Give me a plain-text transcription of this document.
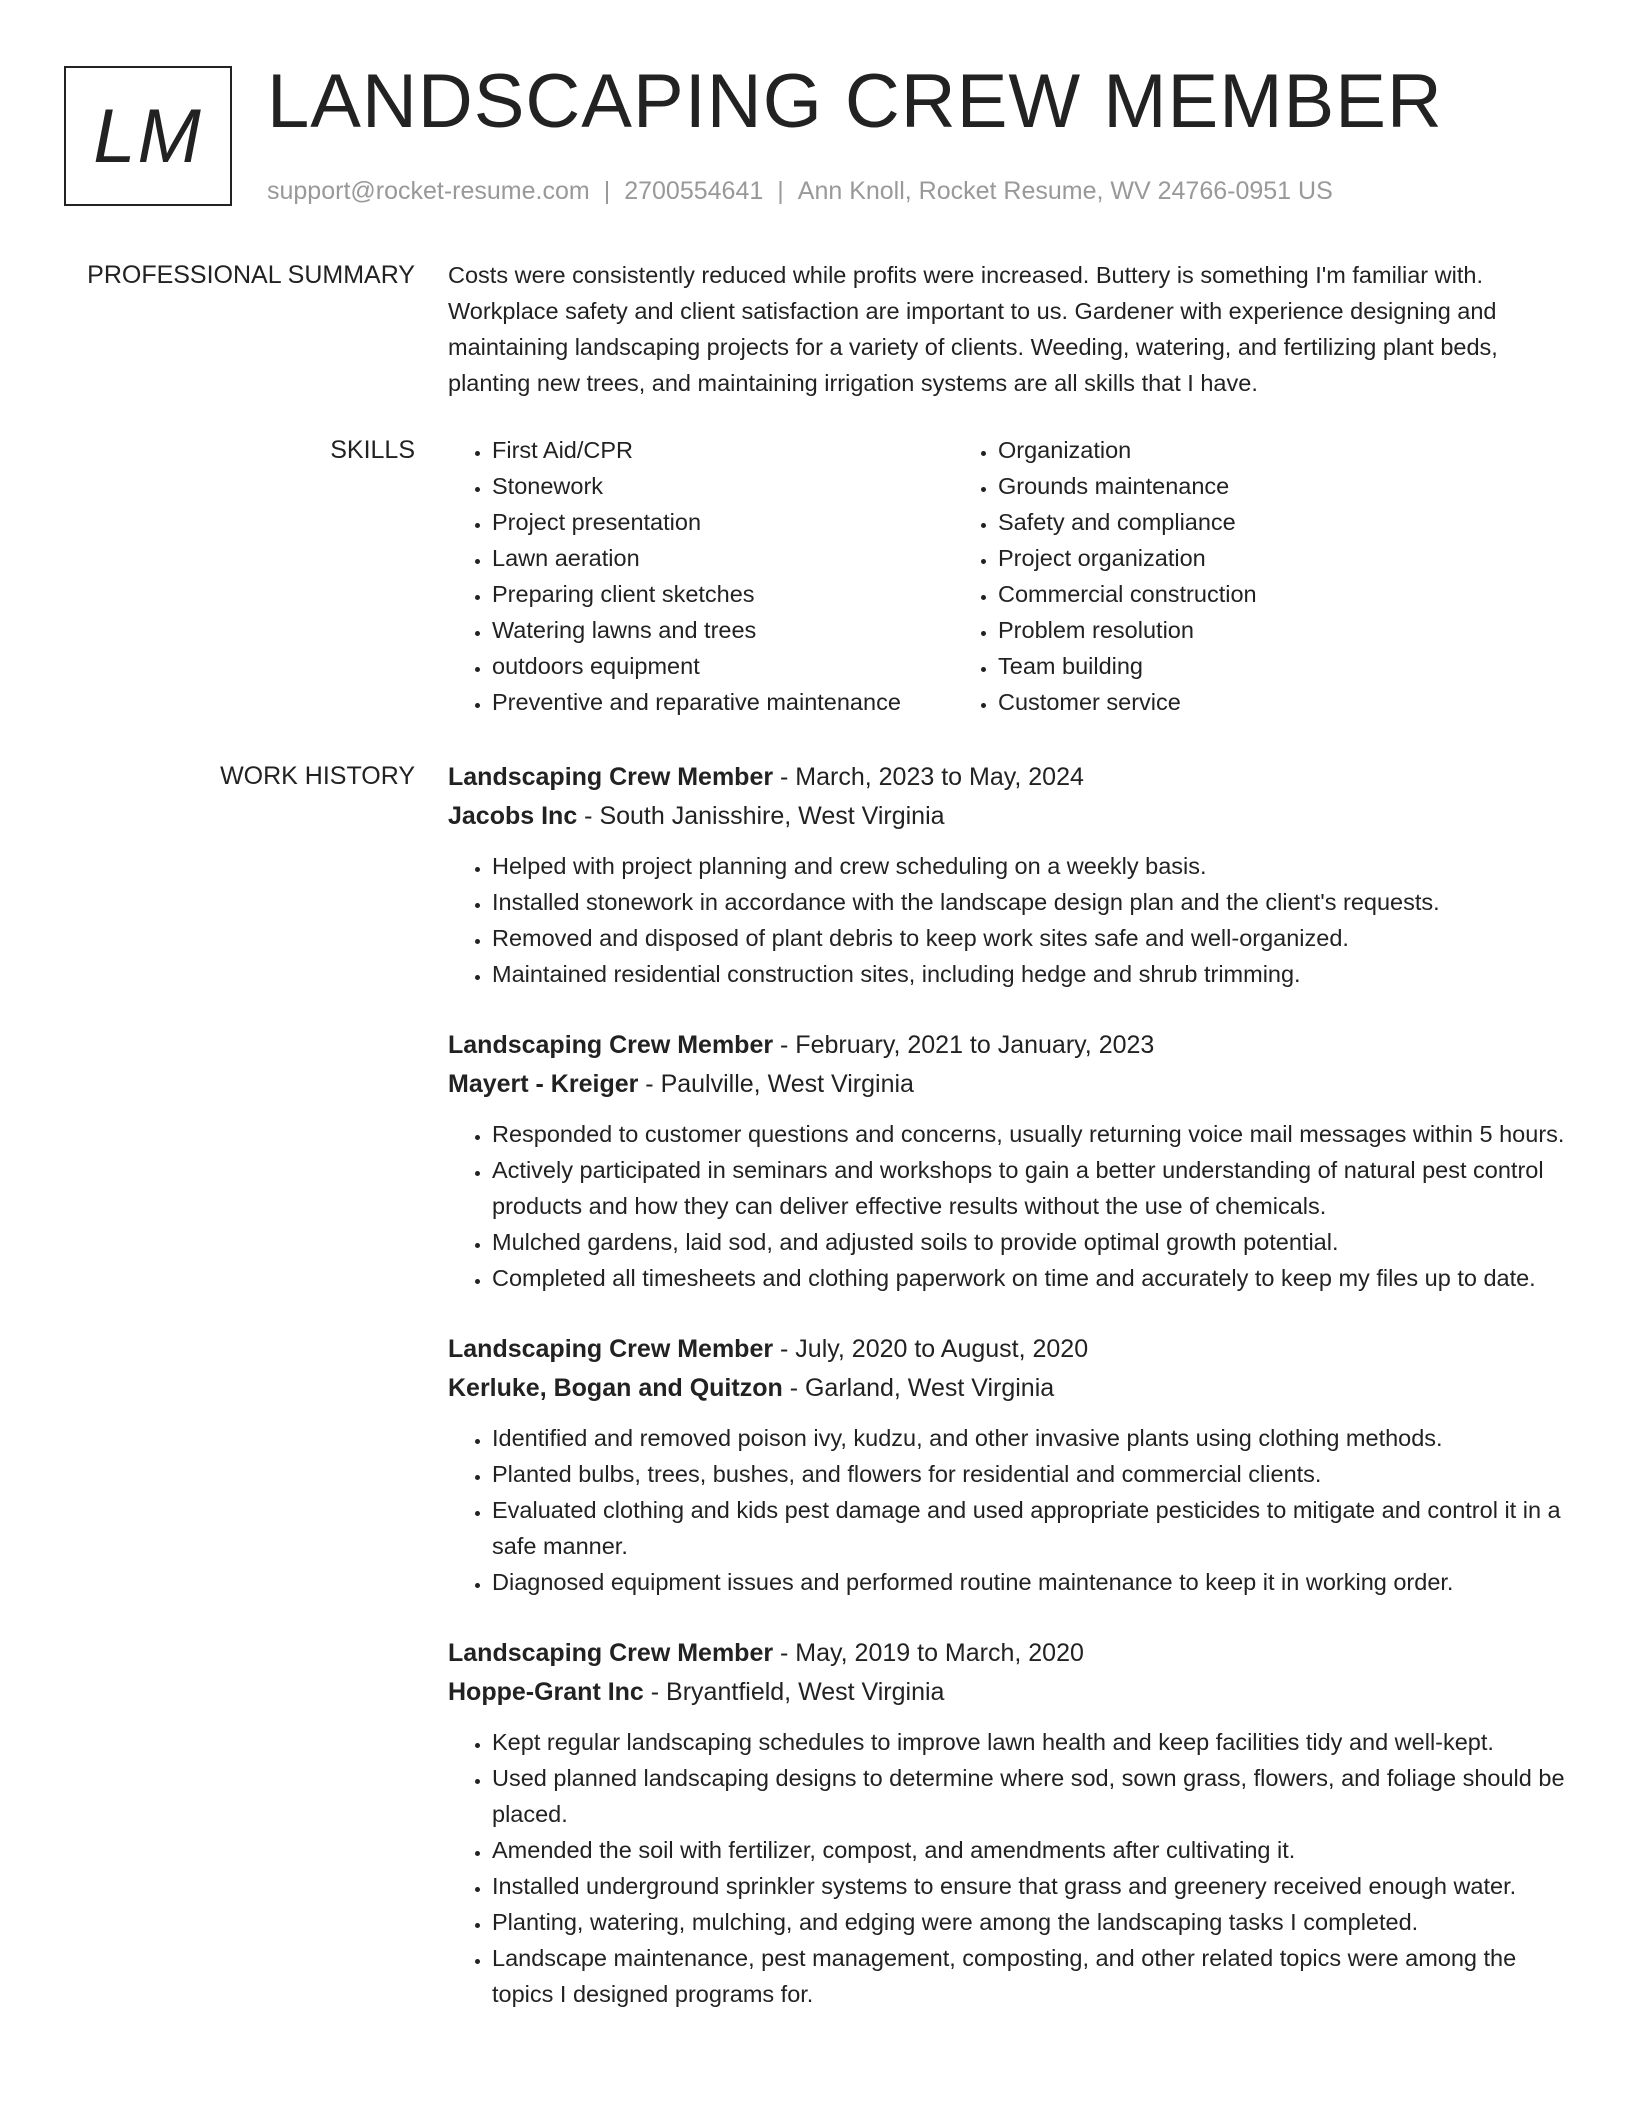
LM LANDSCAPING CREW MEMBER
support@rocket-resume.com | 2700554641 | Ann Knoll, Rocket Resume, WV 24766-0951 US
PROFESSIONAL SUMMARY Costs were consistently reduced while profits were increased. Buttery is something I'm familiar with. Workplace safety and client satisfaction are important to us. Gardener with experience designing and maintaining landscaping projects for a variety of clients. Weeding, watering, and fertilizing plant beds, planting new trees, and maintaining irrigation systems are all skills that I have.

SKILLS
•	First Aid/CPR
• Stonework
• Project presentation
• Lawn aeration
• Preparing client sketches
• Watering lawns and trees
• outdoors equipment
• Preventive and reparative maintenance
• Organization
• Grounds maintenance
• Safety and compliance
• Project organization
• Commercial construction
• Problem resolution
• Team building
• Customer service
WORK HISTORY Landscaping Crew Member - March, 2023 to May, 2024
Jacobs Inc - South Janisshire, West Virginia
• Helped with project planning and crew scheduling on a weekly basis.
• Installed stonework in accordance with the landscape design plan and the client's requests.
• Removed and disposed of plant debris to keep work sites safe and well-organized.
• Maintained residential construction sites, including hedge and shrub trimming.
Landscaping Crew Member - February, 2021 to January, 2023
Mayert - Kreiger - Paulville, West Virginia
• Responded to customer questions and concerns, usually returning voice mail messages within 5 hours.
• Actively participated in seminars and workshops to gain a better understanding of natural pest control products and how they can deliver effective results without the use of chemicals.
• Mulched gardens, laid sod, and adjusted soils to provide optimal growth potential.
• Completed all timesheets and clothing paperwork on time and accurately to keep my files up to date.
Landscaping Crew Member - July, 2020 to August, 2020
Kerluke, Bogan and Quitzon - Garland, West Virginia
• Identified and removed poison ivy, kudzu, and other invasive plants using clothing methods.
• Planted bulbs, trees, bushes, and flowers for residential and commercial clients.
• Evaluated clothing and kids pest damage and used appropriate pesticides to mitigate and control it in a safe manner.
• Diagnosed equipment issues and performed routine maintenance to keep it in working order.
Landscaping Crew Member - May, 2019 to March, 2020
Hoppe-Grant Inc - Bryantfield, West Virginia
• Kept regular landscaping schedules to improve lawn health and keep facilities tidy and well-kept.
• Used planned landscaping designs to determine where sod, sown grass, flowers, and foliage should be placed.
• Amended the soil with fertilizer, compost, and amendments after cultivating it.
• Installed underground sprinkler systems to ensure that grass and greenery received enough water.
• Planting, watering, mulching, and edging were among the landscaping tasks I completed.
• Landscape maintenance, pest management, composting, and other related topics were among the topics I designed programs for.
